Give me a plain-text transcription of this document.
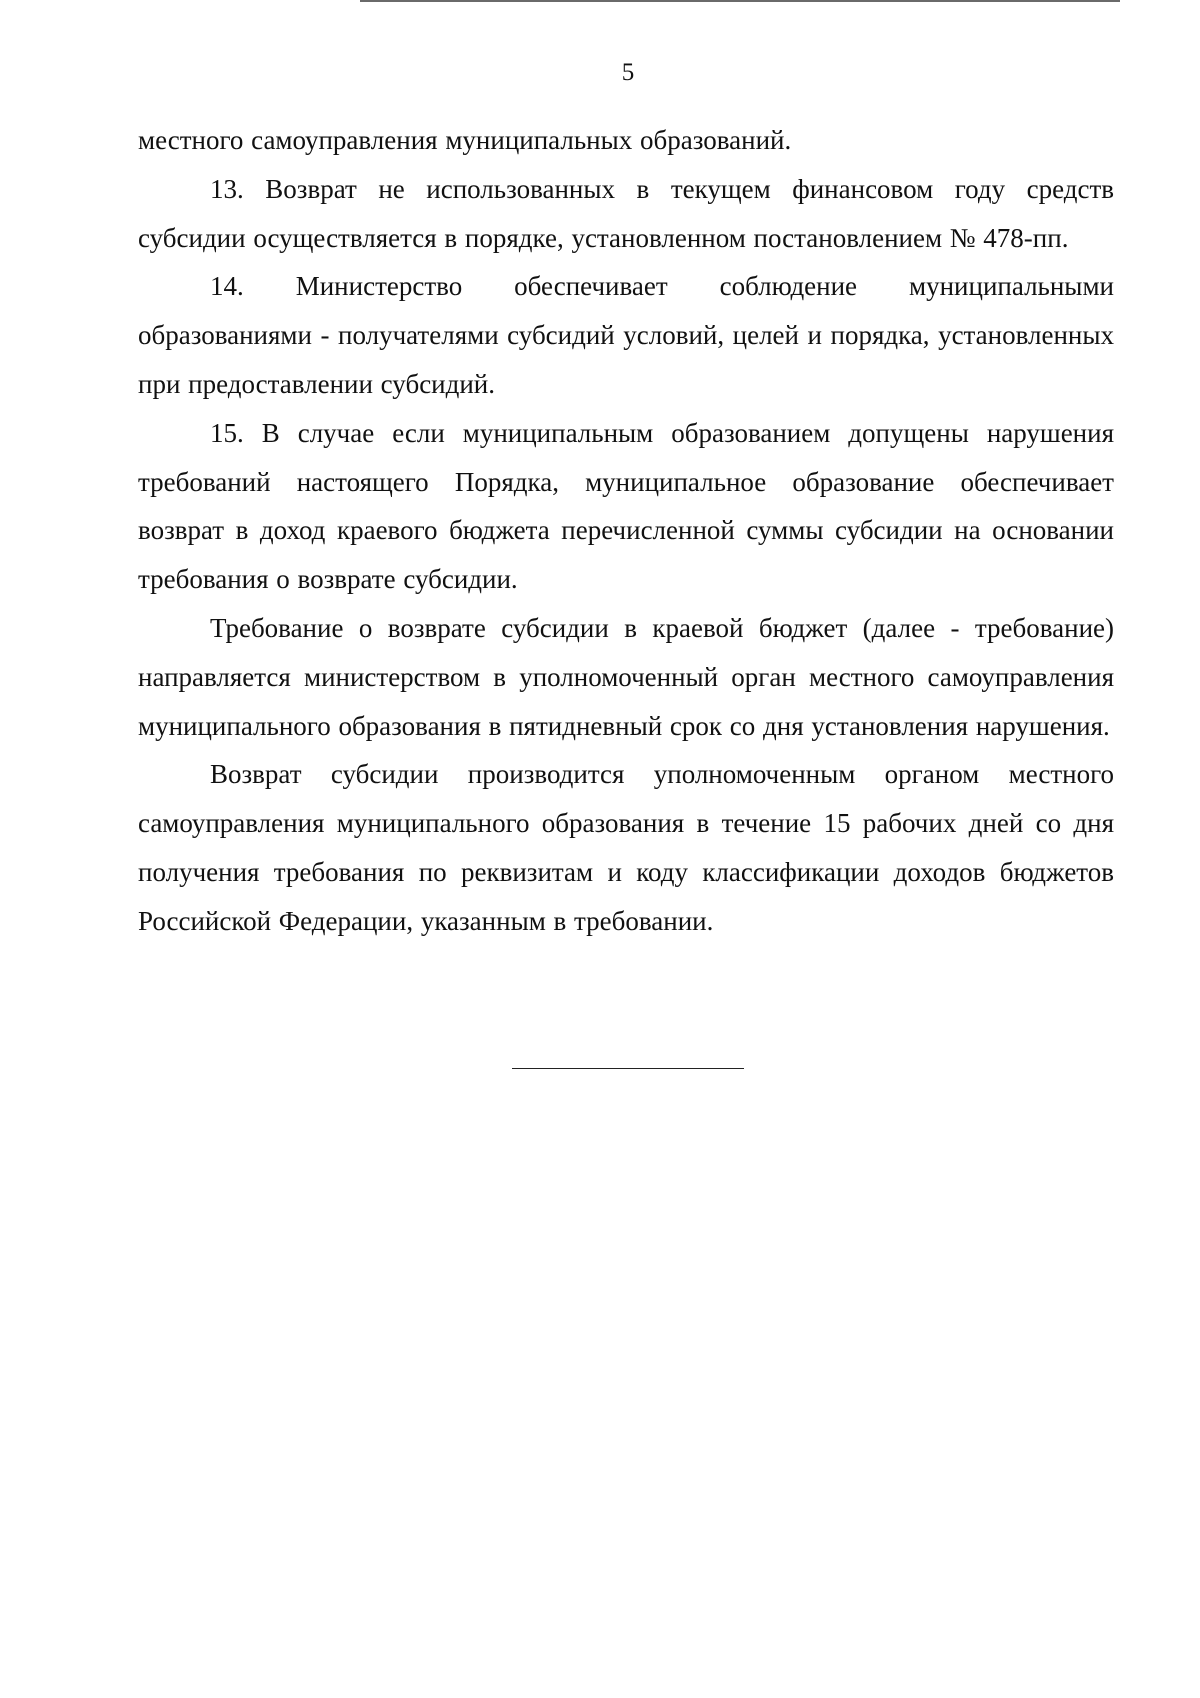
5

местного самоуправления муниципальных образований.

13. Возврат не использованных в текущем финансовом году средств субсидии осуществляется в порядке, установленном постановлением № 478-пп.

14. Министерство обеспечивает соблюдение муниципальными образованиями - получателями субсидий условий, целей и порядка, установленных при предоставлении субсидий.

15. В случае если муниципальным образованием допущены нарушения требований настоящего Порядка, муниципальное образование обеспечивает возврат в доход краевого бюджета перечисленной суммы субсидии на основании требования о возврате субсидии.

Требование о возврате субсидии в краевой бюджет (далее - требование) направляется министерством в уполномоченный орган местного самоуправления муниципального образования в пятидневный срок со дня установления нарушения.

Возврат субсидии производится уполномоченным органом местного самоуправления муниципального образования в течение 15 рабочих дней со дня получения требования по реквизитам и коду классификации доходов бюджетов Российской Федерации, указанным в требовании.
